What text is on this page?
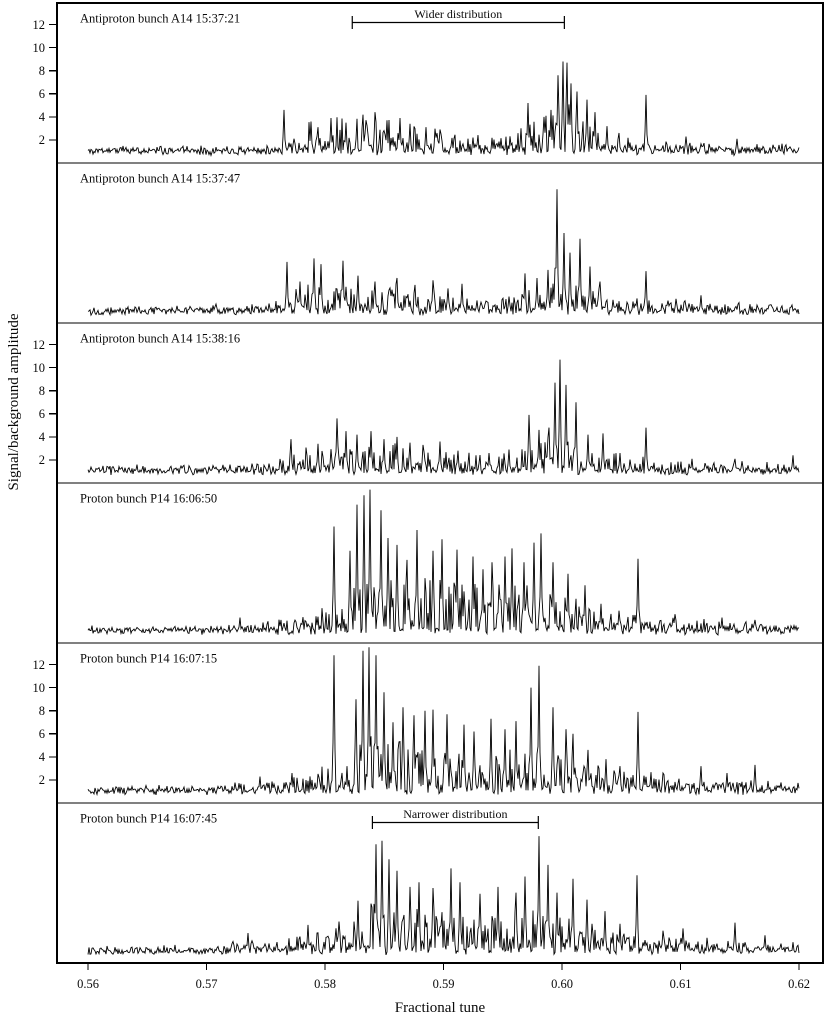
Antiproton bunch A14 15:37:21
2
4
6
8
10
12
Wider distribution
Antiproton bunch A14 15:37:47
Antiproton bunch A14 15:38:16
2
4
6
8
10
12
Proton bunch P14 16:06:50
Proton bunch P14 16:07:15
2
4
6
8
10
12
Proton bunch P14 16:07:45	Narrower distribution
0.56	0.57	0.58	0.59	0.60	0.61	0.62
Fractional tune
Signal/background amplitude
